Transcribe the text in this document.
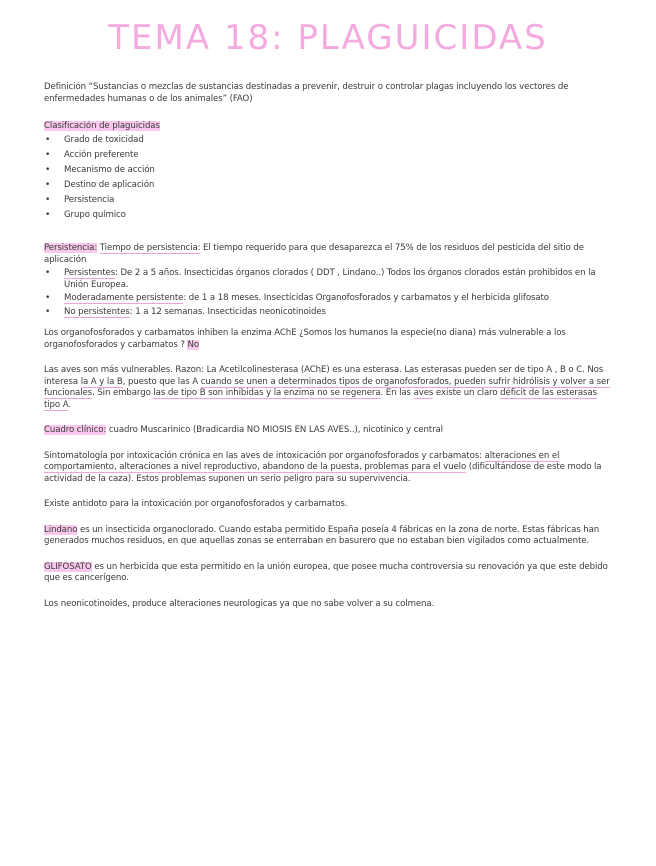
TEMA 18: PLAGUICIDAS

Definición “Sustancias o mezclas de sustancias destinadas a prevenir, destruir o controlar plagas incluyendo los vectores de enfermedades humanas o de los animales” (FAO)

Clasificación de plaguicidas

• Grado de toxicidad
• Acción preferente
• Mecanismo de acción
• Destino de aplicación
• Persistencia
• Grupo químico

Persistencia: Tiempo de persistencia: El tiempo requerido para que desaparezca el 75% de los residuos del pesticida del sitio de aplicación

• Persistentes: De 2 a 5 años. Insecticidas órganos clorados ( DDT , Lindano..) Todos los órganos clorados están prohibidos en la Unión Europea.
• Moderadamente persistente: de 1 a 18 meses. Insecticidas Organofosforados y carbamatos y el herbicida glifosato
• No persistentes: 1 a 12 semanas. Insecticidas neonicotinoides

Los organofosforados y carbamatos inhiben la enzima AChE ¿Somos los humanos la especie(no diana) más vulnerable a los organofosforados y carbamatos ? No

Las aves son más vulnerables. Razon: La Acetilcolinesterasa (AChE) es una esterasa. Las esterasas pueden ser de tipo A , B o C. Nos interesa la A y la B, puesto que las A cuando se unen a determinados tipos de organofosforados, pueden sufrir hidrólisis y volver a ser funcionales. Sin embargo las de tipo B son inhibidas y la enzima no se regenera. En las aves existe un claro déficit de las esterasas tipo A.

Cuadro clínico: cuadro Muscarinico (Bradicardia NO MIOSIS EN LAS AVES..), nicotinico y central

Sintomatología por intoxicación crónica en las aves de intoxicación por organofosforados y carbamatos: alteraciones en el comportamiento, alteraciones a nivel reproductivo, abandono de la puesta, problemas para el vuelo (dificultándose de este modo la actividad de la caza). Estos problemas suponen un serio peligro para su supervivencia.

Existe antidoto para la intoxicación por organofosforados y carbamatos.

Lindano es un insecticida organoclorado. Cuando estaba permitido España poseía 4 fábricas en la zona de norte. Estas fábricas han generados muchos residuos, en que aquellas zonas se enterraban en basurero que no estaban bien vigilados como actualmente.

GLIFOSATO es un herbicida que esta permitido en la unión europea, que posee mucha controversia su renovación ya que este debido que es cancerígeno.

Los neonicotinoides, produce alteraciones neurologicas ya que no sabe volver a su colmena.
